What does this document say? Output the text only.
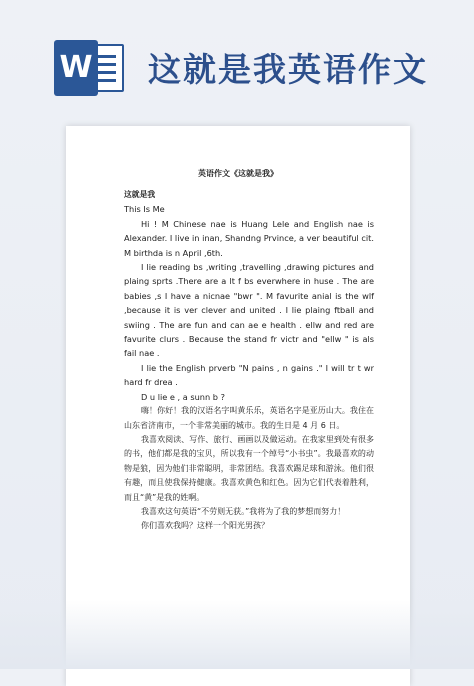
W 这就是我英语作文
英语作文《这就是我》

这就是我

This Is Me

Hi ! M Chinese nae is Huang Lele and English nae is Alexander. I live in inan, Shandng Prvince, a ver beautiful cit. M birthda is n April ,6th.

I lie reading bs ,writing ,travelling ,drawing pictures and plaing sprts .There are a lt f bs everwhere in huse . The are babies ,s I have a nicnae "bwr ". M favurite anial is the wlf ,because it is ver clever and united . I lie plaing ftball and swiing . The are fun and can ae e health . ellw and red are favurite clurs . Because the stand fr victr and "ellw " is als fail nae .

I lie the English prverb "N pains , n gains ." I will tr t wr hard fr drea .

D u lie e , a sunn b ?

嗨！你好！我的汉语名字叫黄乐乐，英语名字是亚历山大。我住在山东省济南市，一个非常美丽的城市。我的生日是 4 月 6 日。

我喜欢阅读、写作、旅行、画画以及做运动。在我家里到处有很多的书，他们都是我的宝贝，所以我有一个绰号“小书虫”。我最喜欢的动物是狼，因为他们非常聪明，非常团结。我喜欢踢足球和游泳。他们很有趣，而且使我保持健康。我喜欢黄色和红色。因为它们代表着胜利，而且“黄”是我的姓啊。

我喜欢这句英语“不劳则无获。”我将为了我的梦想而努力！

你们喜欢我吗？这样一个阳光男孩？
